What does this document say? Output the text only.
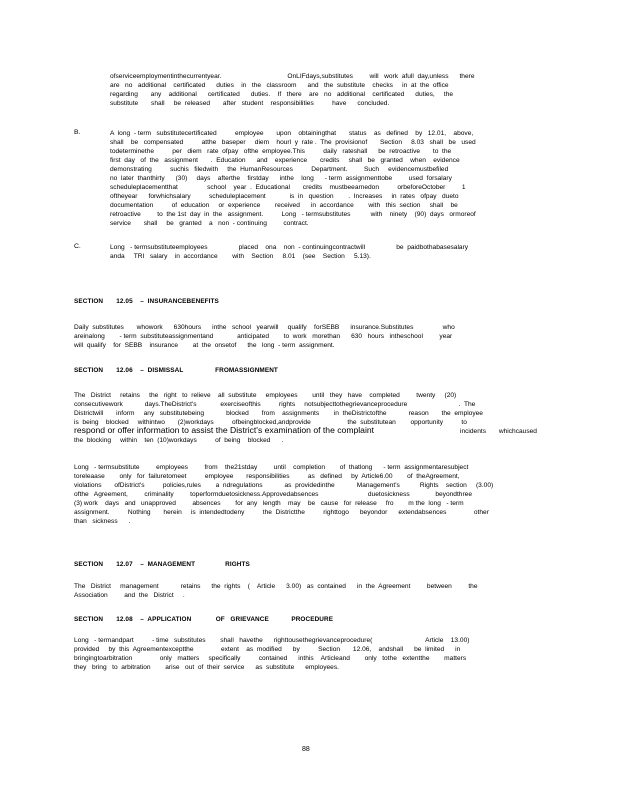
ofserviceemploymentinthecurrentyear.                                    OnLIFdays,substitutes         will   work  afull  day,unless      there
are   no   additional    certificated      duties    in   the   classroom      and   the  substitute    checks     in  at  the  office
regarding       any    additional      certificated      duties.    If   there    are   no   additional    certificated      duties,     the
substitute       shall     be  released       after   student    responsibilities          have      concluded.
B.	A  long  - term   substitutecertificated          employee       upon    obtainingthat       status    as   defined    by   12.01,    above,
shall    be   compensated          atthe   baseper     diem    hourl  y  rate .  The  provisionof       Section     8.03   shall   be   used
todeterminethe          per   diem   rate  ofpay   ofthe  employee.This          daily   rateshall      be  retroactive       to  the
first  day   of  the   assignment       .  Education      and    experience       credits     shall   be   granted    when    evidence
demonstrating          suchis   filedwith     the  HumanResources          Department.         Such     evidencemustbefiled
no  later  thanthirty      (30)     days    afterthe    firstday      inthe    long      - term  assignmenttobe         used  forsalary
scheduleplacementthat                school    year  .  Educational       credits    mustbeearnedon          orbeforeOctober         1
oftheyear      forwhichsalary          scheduleplacement             is  in   question        .  Increases     in  rates   ofpay   dueto
documentation          of  education     or  experience        received      in  accordance        with   this  section     shall    be
retroactive         to  the 1st  day  in  the   assignment.          Long   - termsubstitutes           with    ninety    (90)  days   ormoreof
service       shall     be   granted    a   non  - continuing         contract.
C.	Long   - termsubstituteemployees                 placed    ona    non  - continuingcontractwill                 be  paidbothabasesalary
anda     TRI   salary    in  accordance        with    Section     8.01    (see    Section     5.13).
SECTION       12.05    –  INSURANCEBENEFITS
Daily  substitutes       whowork      630hours      inthe   school   yearwill     qualify    forSEBB      insurance.Substitutes                who
areinalong        - term  substituteassignmentand             anticipated        to  work   morethan      630   hours   intheschool         year
will  qualify    for  SEBB    insurance        at  the  onsetof      the   long  - term  assignment.
SECTION       12.06    –  DISMISSAL                 FROMASSIGNMENT
The   District     retains     the   right   to  relieve    all  substitute     employees        until   they   have    completed         twenty     (20)
consecutivework            days.TheDistrict's             exerciseofthis          rights     notsubjecttothegrievanceprocedure                            .  The
Districtwill       inform     any   substitutebeing            blocked       from    assignments        in  theDistrictofthe            reason       the  employee
is  being    blocked     withintwo       (2)workdays          ofbeingblocked,andprovide                    the  substitutean        opportunity          to
respond or offer information to assist the District's examination of the complaint	incidents       whichcaused
the  blocking     within    ten  (10)workdays          of  being    blocked      .
Long   - termsubstitute         employees         from    the21stday         until    completion        of  thatlong      - term  assignmentaresubject
toreleaase        only   for  failuretomeet          employee       responsibilities          as   defined     by  Article6.00        of  theAgreement,
violations       ofDistrict's          policies,rules        a  ndregulations            as  providedinthe            Management's           Rights    section     (3.00)
ofthe   Agreement,         criminality         toperformduetosickness.Approvedabsences                           duetosickness              beyondthree
(3) work    days   and   unapproved         absences        for  any   length    may    be   cause   for  release     fro        m the  long   - term
assignment.          Nothing       herein     is  intendedtodeny          the  Districtthe          righttogo      beyondor      extendabsences               other
than   sickness      .
SECTION       12.07    –  MANAGEMENT                RIGHTS
The   District     management            retains      the  rights    (    Article      3.00)   as  contained      in  the  Agreement         between         the
Association         and  the   District     .
SECTION       12.08    –  APPLICATION             OF   GRIEVANCE            PROCEDURE
Long   - termandpart          - time   substitutes        shall   havethe      righttousethegrievanceprocedure(                             Article    13.00)
provided     by  this  Agreementexceptthe               extent    as  modified      by          Section       12.06,    andshall      be  limited      in
bringingtoarbitration               only   matters     specifically          contained      inthis    Articleand        only   tothe   extentthe        matters
they   bring   to  arbitration        arise   out  of  their  service      as  substitute      employees.
88
